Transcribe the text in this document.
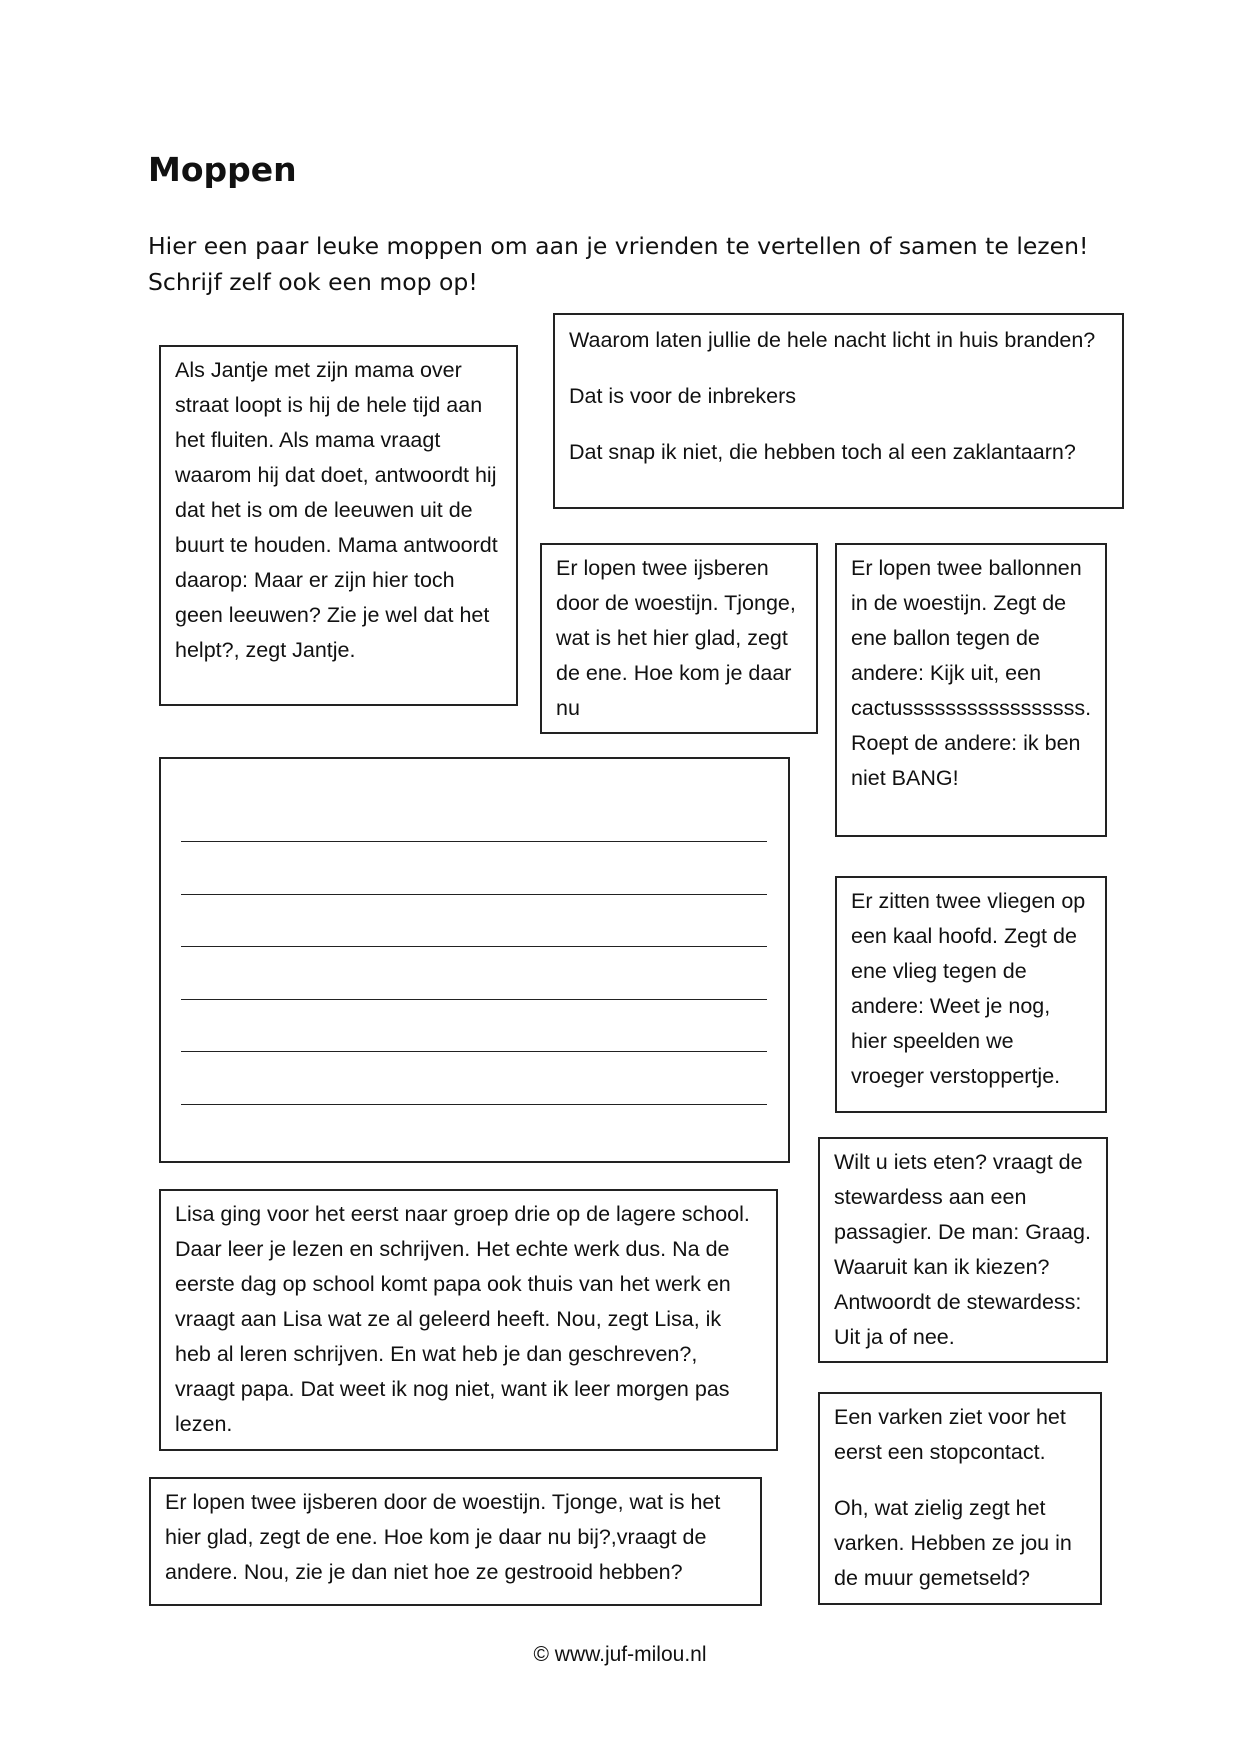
Moppen

Hier een paar leuke moppen om aan je vrienden te vertellen of samen te lezen!

Schrijf zelf ook een mop op!

Als Jantje met zijn mama over straat loopt is hij de hele tijd aan het fluiten. Als mama vraagt waarom hij dat doet, antwoordt hij dat het is om de leeuwen uit de buurt te houden. Mama antwoordt daarop: Maar er zijn hier toch geen leeuwen? Zie je wel dat het helpt?, zegt Jantje.

Waarom laten jullie de hele nacht licht in huis branden?

Dat is voor de inbrekers

Dat snap ik niet, die hebben toch al een zaklantaarn?

Er lopen twee ijsberen door de woestijn. Tjonge, wat is het hier glad, zegt de ene. Hoe kom je daar nu

Er lopen twee ballonnen in de woestijn. Zegt de ene ballon tegen de andere: Kijk uit, een cactusssssssssssssssss. Roept de andere: ik ben niet BANG!

Er zitten twee vliegen op een kaal hoofd. Zegt de ene vlieg tegen de andere: Weet je nog, hier speelden we vroeger verstoppertje.

Wilt u iets eten? vraagt de stewardess aan een passagier. De man: Graag. Waaruit kan ik kiezen? Antwoordt de stewardess: Uit ja of nee.

Lisa ging voor het eerst naar groep drie op de lagere school. Daar leer je lezen en schrijven. Het echte werk dus. Na de eerste dag op school komt papa ook thuis van het werk en vraagt aan Lisa wat ze al geleerd heeft. Nou, zegt Lisa, ik heb al leren schrijven. En wat heb je dan geschreven?, vraagt papa. Dat weet ik nog niet, want ik leer morgen pas lezen.	Een varken ziet voor het eerst een stopcontact.

Oh, wat zielig zegt het varken. Hebben ze jou in de muur gemetseld?

Er lopen twee ijsberen door de woestijn. Tjonge, wat is het hier glad, zegt de ene. Hoe kom je daar nu bij?,vraagt de andere. Nou, zie je dan niet hoe ze gestrooid hebben?

© www.juf-milou.nl
